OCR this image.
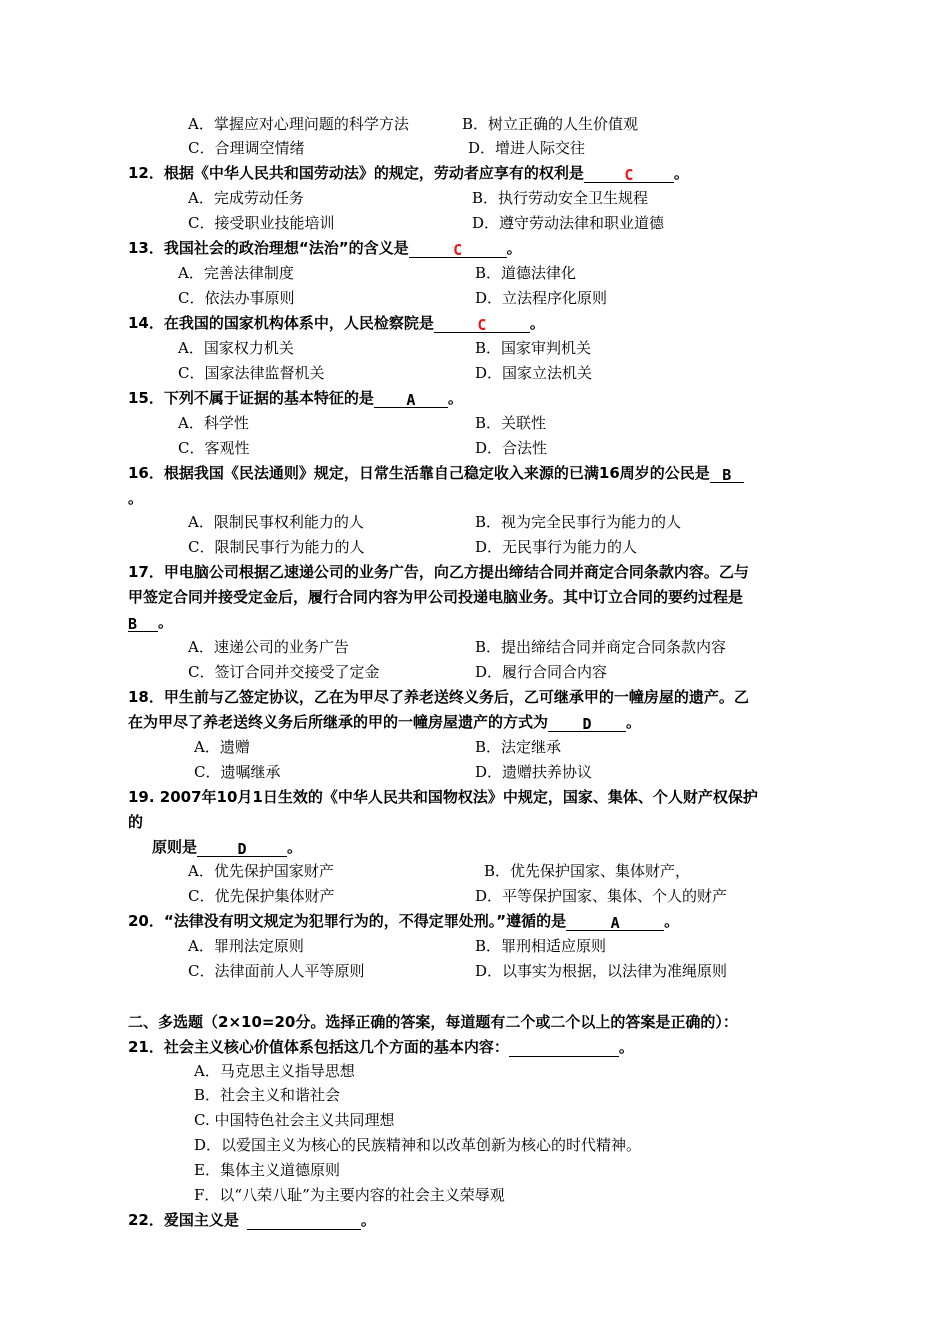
A．掌握应对心理问题的科学方法	B．树立正确的人生价值观
C．合理调空情绪	D．增进人际交往
12．根据《中华人民共和国劳动法》的规定，劳动者应享有的权利是	C	。
A．完成劳动任务	B．执行劳动安全卫生规程
C．接受职业技能培训	D．遵守劳动法律和职业道德
13．我国社会的政治理想“法治”的含义是	C	。
A．完善法律制度	B．道德法律化
C．依法办事原则	D．立法程序化原则
14．在我国的国家机构体系中，人民检察院是	C	。
A．国家权力机关	B．国家审判机关
C．国家法律监督机关	D．国家立法机关
15．下列不属于证据的基本特征的是 A 。
A．科学性	B．关联性
C．客观性	D．合法性
16．根据我国《民法通则》规定，日常生活靠自己稳定收入来源的已满16周岁的公民是 B
。
A．限制民事权利能力的人	B．视为完全民事行为能力的人
C．限制民事行为能力的人	D．无民事行为能力的人
17．甲电脑公司根据乙速递公司的业务广告，向乙方提出缔结合同并商定合同条款内容。乙与
甲签定合同并接受定金后，履行合同内容为甲公司投递电脑业务。其中订立合同的要约过程是
B 。
A．速递公司的业务广告	B．提出缔结合同并商定合同条款内容
C．签订合同并交接受了定金	D．履行合同合内容
18．甲生前与乙签定协议，乙在为甲尽了养老送终义务后，乙可继承甲的一幢房屋的遗产。乙
在为甲尽了养老送终义务后所继承的甲的一幢房屋遗产的方式为 D 。
A．遗赠	B．法定继承
C．遗嘱继承	D．遗赠扶养协议
19. 2007年10月1日生效的《中华人民共和国物权法》中规定，国家、集体、个人财产权保护
的
原则是	D	。
A．优先保护国家财产	B．优先保护国家、集体财产，
C．优先保护集体财产	D．平等保护国家、集体、个人的财产
20．“法律没有明文规定为犯罪行为的，不得定罪处刑。”遵循的是	A	。
A．罪刑法定原则	B．罪刑相适应原则
C．法律面前人人平等原则	D．以事实为根据，以法律为准绳原则
二、多选题（2×10=20分。选择正确的答案，每道题有二个或二个以上的答案是正确的）：
21．社会主义核心价值体系包括这几个方面的基本内容：	。
A．马克思主义指导思想
B．社会主义和谐社会
C. 中国特色社会主义共同理想
D．以爱国主义为核心的民族精神和以改革创新为核心的时代精神。
E．集体主义道德原则
F．以“八荣八耻”为主要内容的社会主义荣辱观
22．爱国主义是	。
